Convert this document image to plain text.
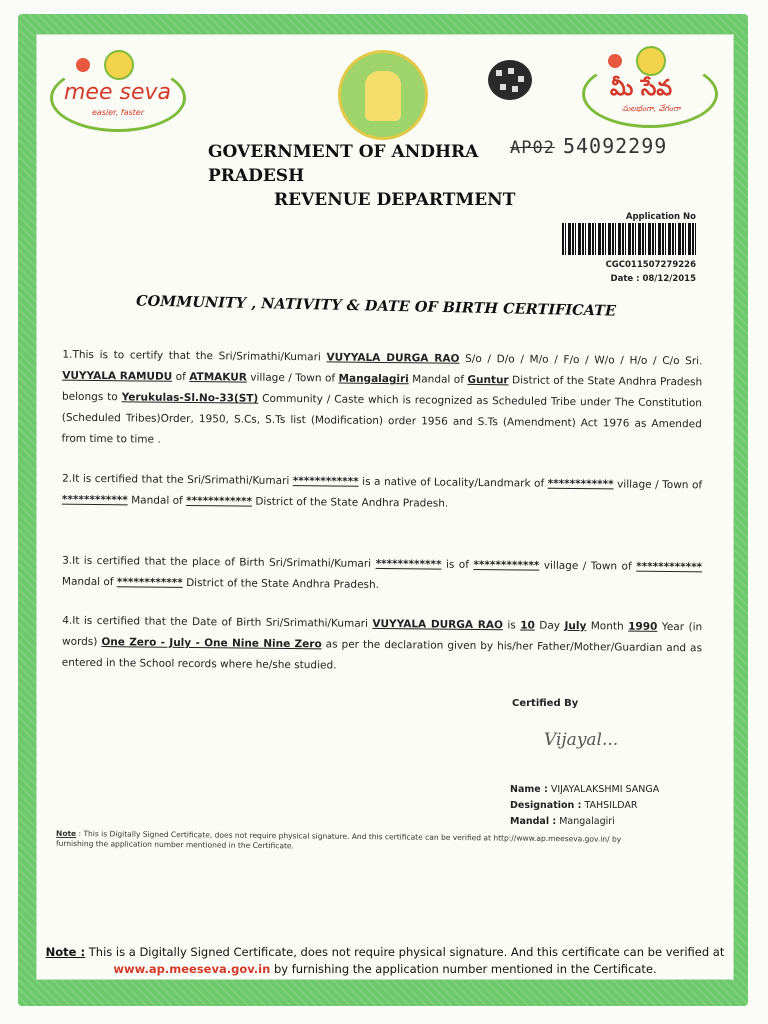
mee seva
easier, faster
మీ సేవ
సులభంగా, వేగంగా
GOVERNMENT OF ANDHRA PRADESH
REVENUE DEPARTMENT
AP02 54092299
Application No
CGC011507279226
Date : 08/12/2015
COMMUNITY , NATIVITY & DATE OF BIRTH CERTIFICATE
1.This is to certify that the Sri/Srimathi/Kumari VUYYALA DURGA RAO S/o / D/o / M/o / F/o / W/o / H/o / C/o Sri. VUYYALA RAMUDU of ATMAKUR village / Town of Mangalagiri Mandal of Guntur District of the State Andhra Pradesh belongs to Yerukulas-Sl.No-33(ST) Community / Caste which is recognized as Scheduled Tribe under The Constitution (Scheduled Tribes)Order, 1950, S.Cs, S.Ts list (Modification) order 1956 and S.Ts (Amendment) Act 1976 as Amended from time to time .
2.It is certified that the Sri/Srimathi/Kumari ************ is a native of Locality/Landmark of ************ village / Town of ************ Mandal of ************ District of the State Andhra Pradesh.
3.It is certified that the place of Birth Sri/Srimathi/Kumari ************ is of ************ village / Town of ************ Mandal of ************ District of the State Andhra Pradesh.
4.It is certified that the Date of Birth Sri/Srimathi/Kumari VUYYALA DURGA RAO is 10 Day July Month 1990 Year (in words) One Zero - July - One Nine Nine Zero as per the declaration given by his/her Father/Mother/Guardian and as entered in the School records where he/she studied.
Certified By
Vijayal...
Name : VIJAYALAKSHMI SANGA
Designation : TAHSILDAR
Mandal : Mangalagiri
Note : This is Digitally Signed Certificate, does not require physical signature. And this certificate can be verified at http://www.ap.meeseva.gov.in/ by furnishing the application number mentioned in the Certificate.
Note : This is a Digitally Signed Certificate, does not require physical signature. And this certificate can be verified at www.ap.meeseva.gov.in by furnishing the application number mentioned in the Certificate.
